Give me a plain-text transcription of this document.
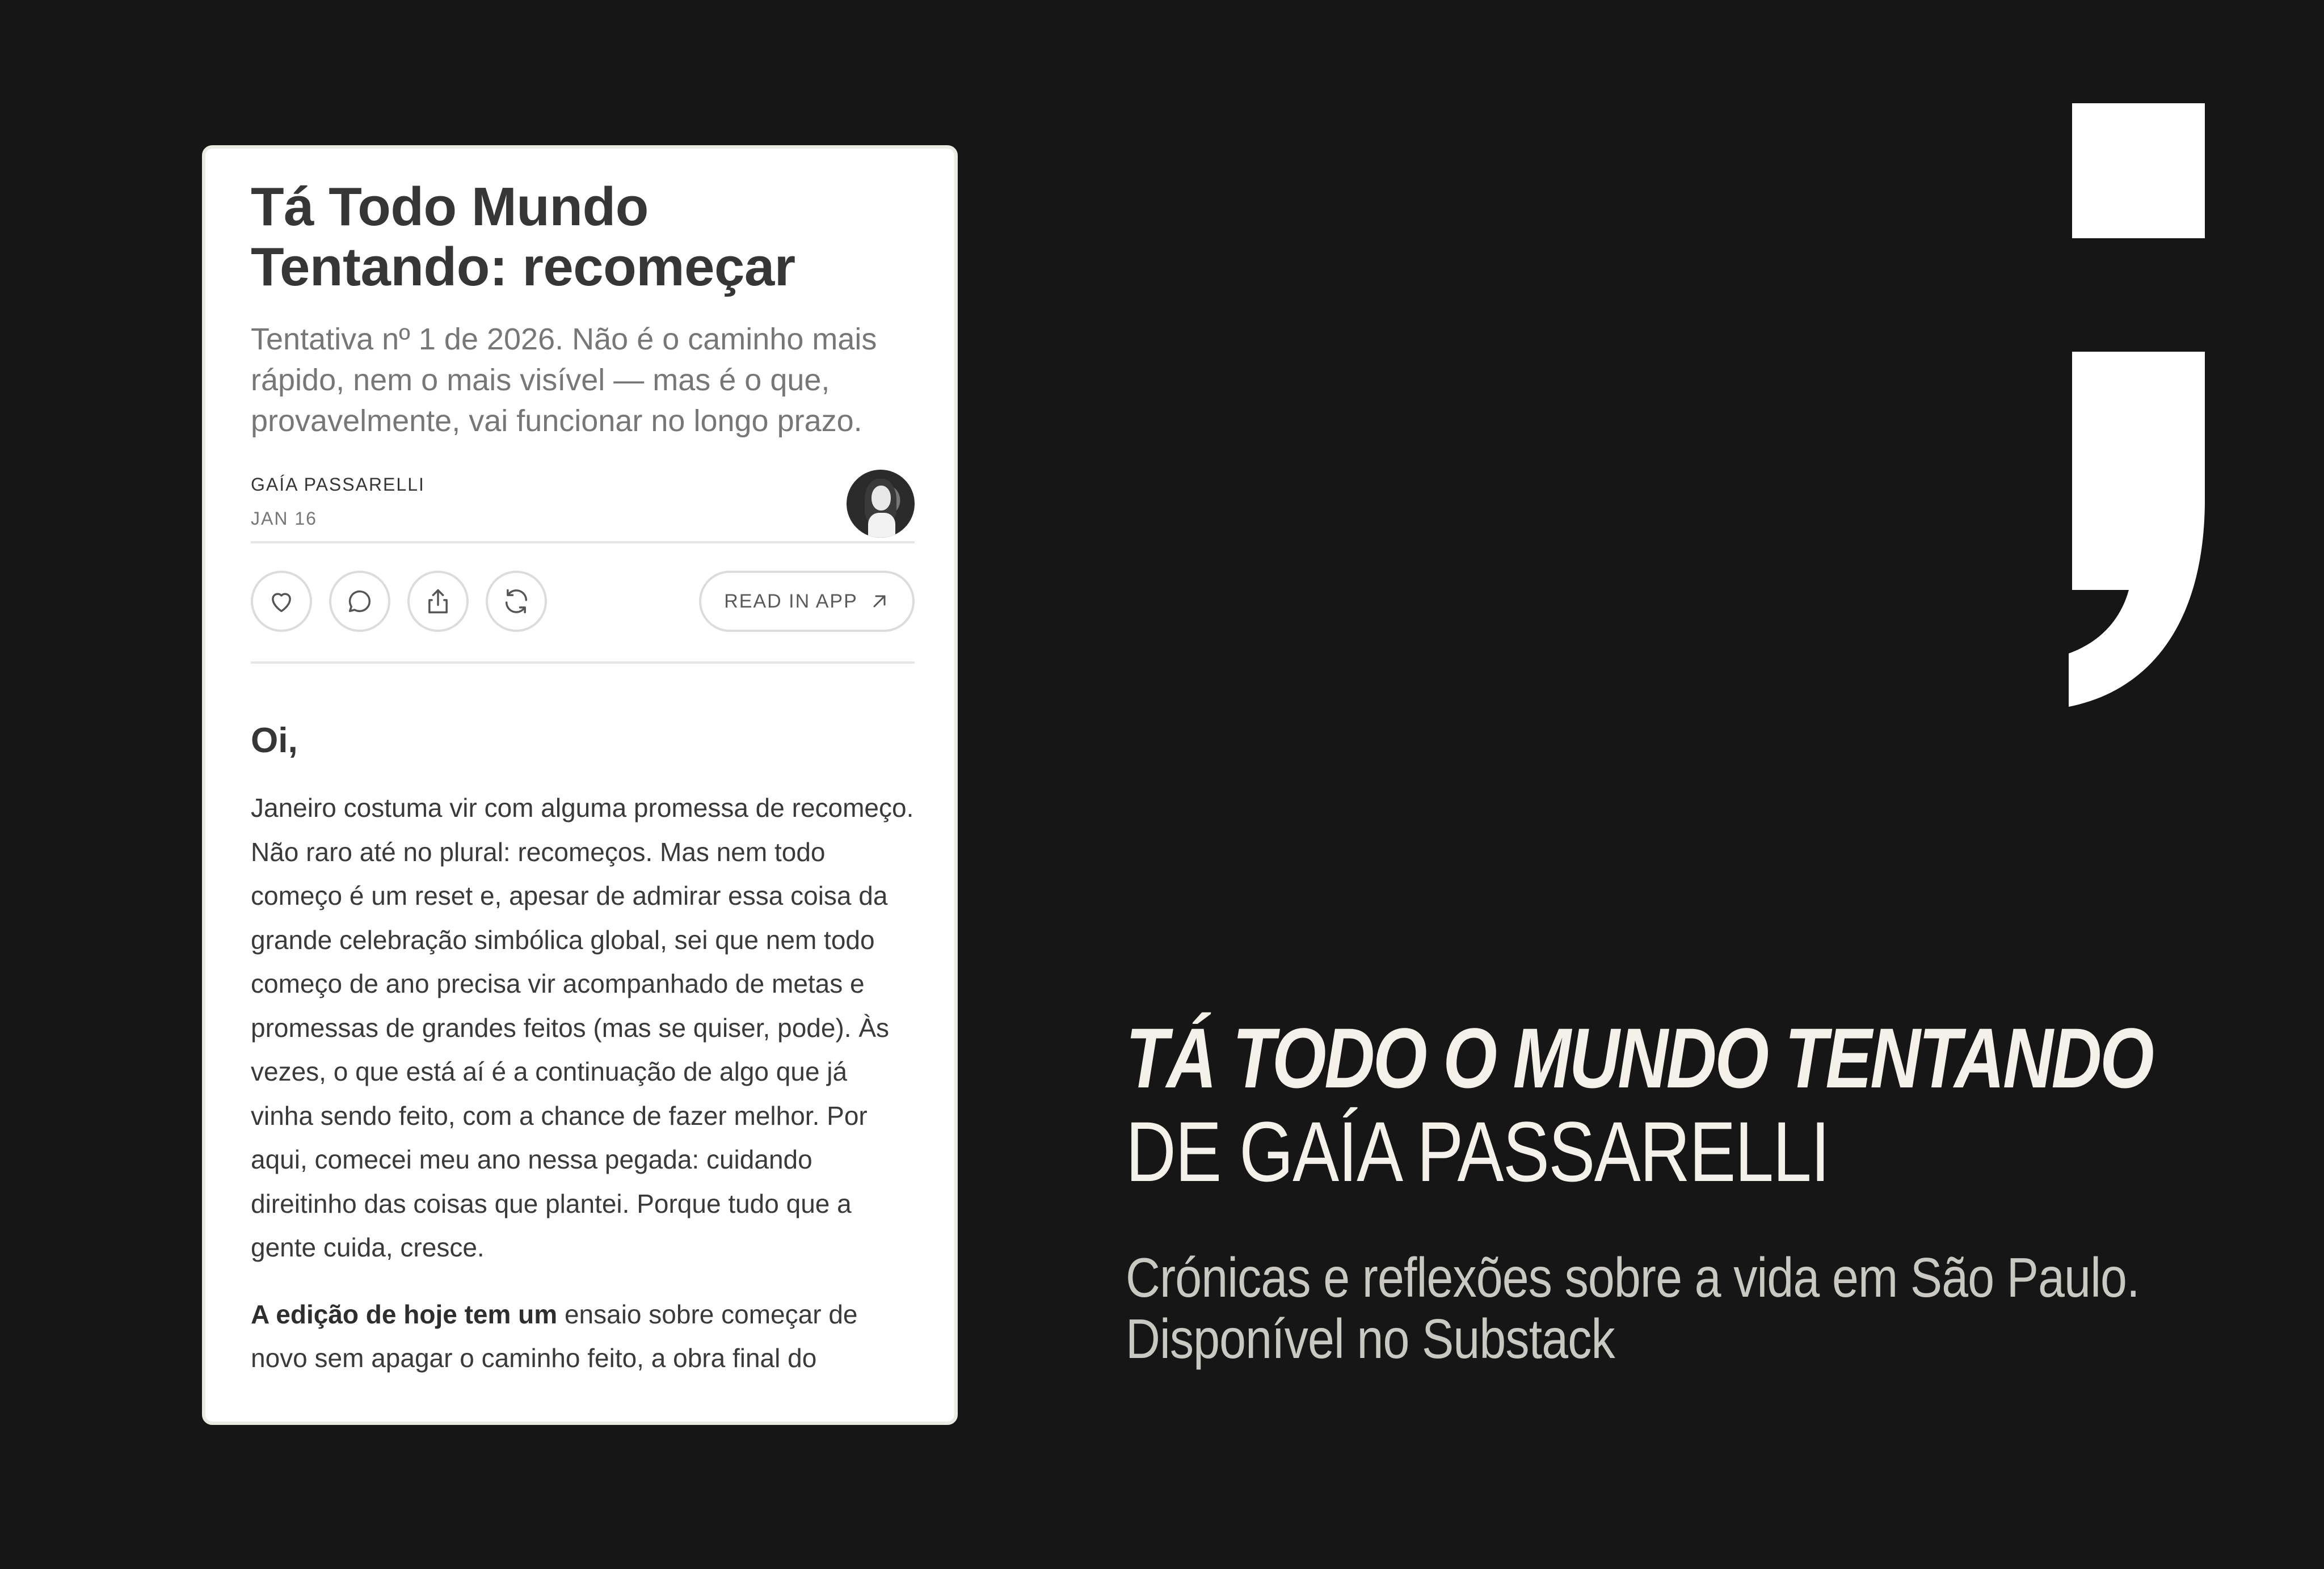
Tá Todo Mundo
Tentando: recomeçar

Tentativa nº 1 de 2026. Não é o caminho mais rápido, nem o mais visível — mas é o que, provavelmente, vai funcionar no longo prazo.

GAÍA PASSARELLI
JAN 16
READ IN APP
Oi,

Janeiro costuma vir com alguma promessa de recomeço. Não raro até no plural: recomeços. Mas nem todo começo é um reset e, apesar de admirar essa coisa da grande celebração simbólica global, sei que nem todo começo de ano precisa vir acompanhado de metas e promessas de grandes feitos (mas se quiser, pode). Às vezes, o que está aí é a continuação de algo que já vinha sendo feito, com a chance de fazer melhor. Por aqui, comecei meu ano nessa pegada: cuidando direitinho das coisas que plantei. Porque tudo que a gente cuida, cresce.

A edição de hoje tem um ensaio sobre começar de novo sem apagar o caminho feito, a obra final do

TÁ TODO O MUNDO TENTANDO
DE GAÍA PASSARELLI
Crónicas e reflexões sobre a vida em São Paulo.
Disponível no Substack
